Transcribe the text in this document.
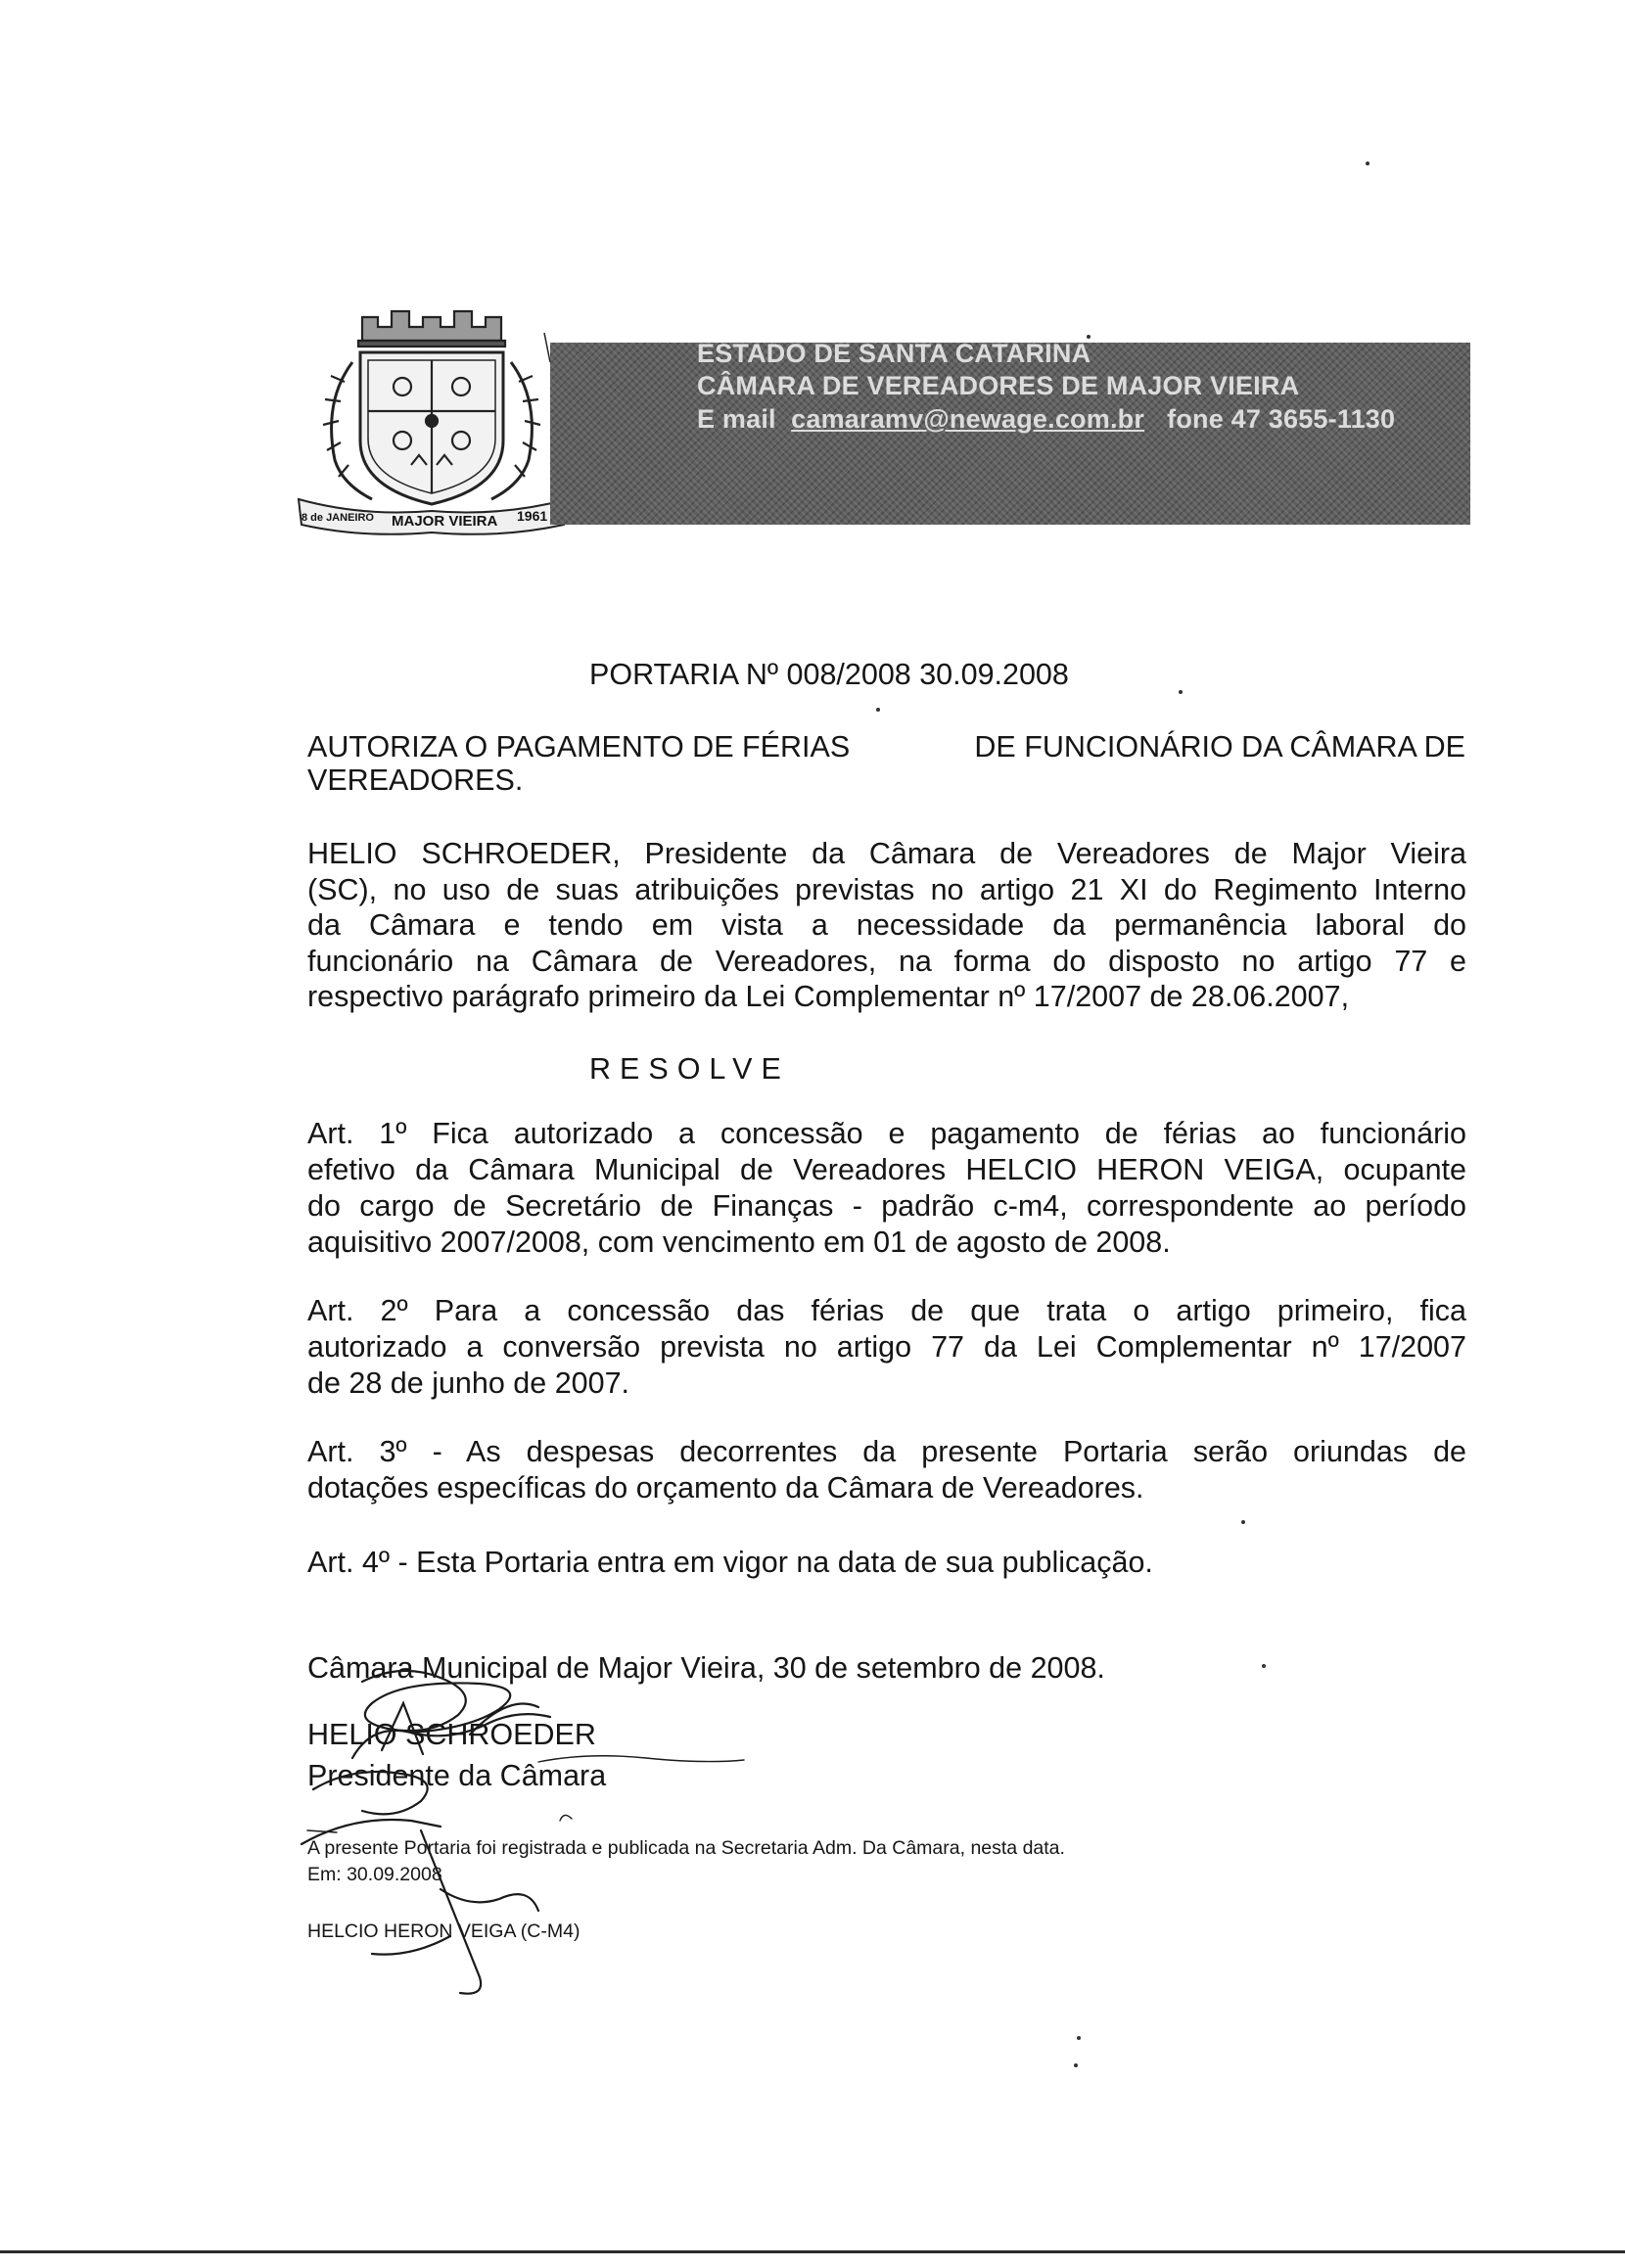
8 de JANEIRO MAJOR VIEIRA 1961
ESTADO DE SANTA CATARINA
CÂMARA DE VEREADORES DE MAJOR VIEIRA
E mail camaramv@newage.com.br fone 47 3655-1130

PORTARIA Nº 008/2008 30.09.2008

AUTORIZA O PAGAMENTO DE FÉRIAS	DE FUNCIONÁRIO DA CÂMARA DE
VEREADORES.
HELIO SCHROEDER, Presidente da Câmara de Vereadores de Major Vieira
(SC), no uso de suas atribuições previstas no artigo 21 XI do Regimento Interno
da Câmara e tendo em vista a necessidade da permanência laboral do
funcionário na Câmara de Vereadores, na forma do disposto no artigo 77 e
respectivo parágrafo primeiro da Lei Complementar nº 17/2007 de 28.06.2007,

RESOLVE

Art. 1º Fica autorizado a concessão e pagamento de férias ao funcionário
efetivo da Câmara Municipal de Vereadores HELCIO HERON VEIGA, ocupante
do cargo de Secretário de Finanças - padrão c-m4, correspondente ao período
aquisitivo 2007/2008, com vencimento em 01 de agosto de 2008.
Art. 2º Para a concessão das férias de que trata o artigo primeiro, fica
autorizado a conversão prevista no artigo 77 da Lei Complementar nº 17/2007
de 28 de junho de 2007.
Art. 3º - As despesas decorrentes da presente Portaria serão oriundas de
dotações específicas do orçamento da Câmara de Vereadores.
Art. 4º - Esta Portaria entra em vigor na data de sua publicação.

Câmara Municipal de Major Vieira, 30 de setembro de 2008.

HELIO SCHROEDER

Presidente da Câmara

A presente Portaria foi registrada e publicada na Secretaria Adm. Da Câmara, nesta data.

Em: 30.09.2008

HELCIO HERON VEIGA (C-M4)
